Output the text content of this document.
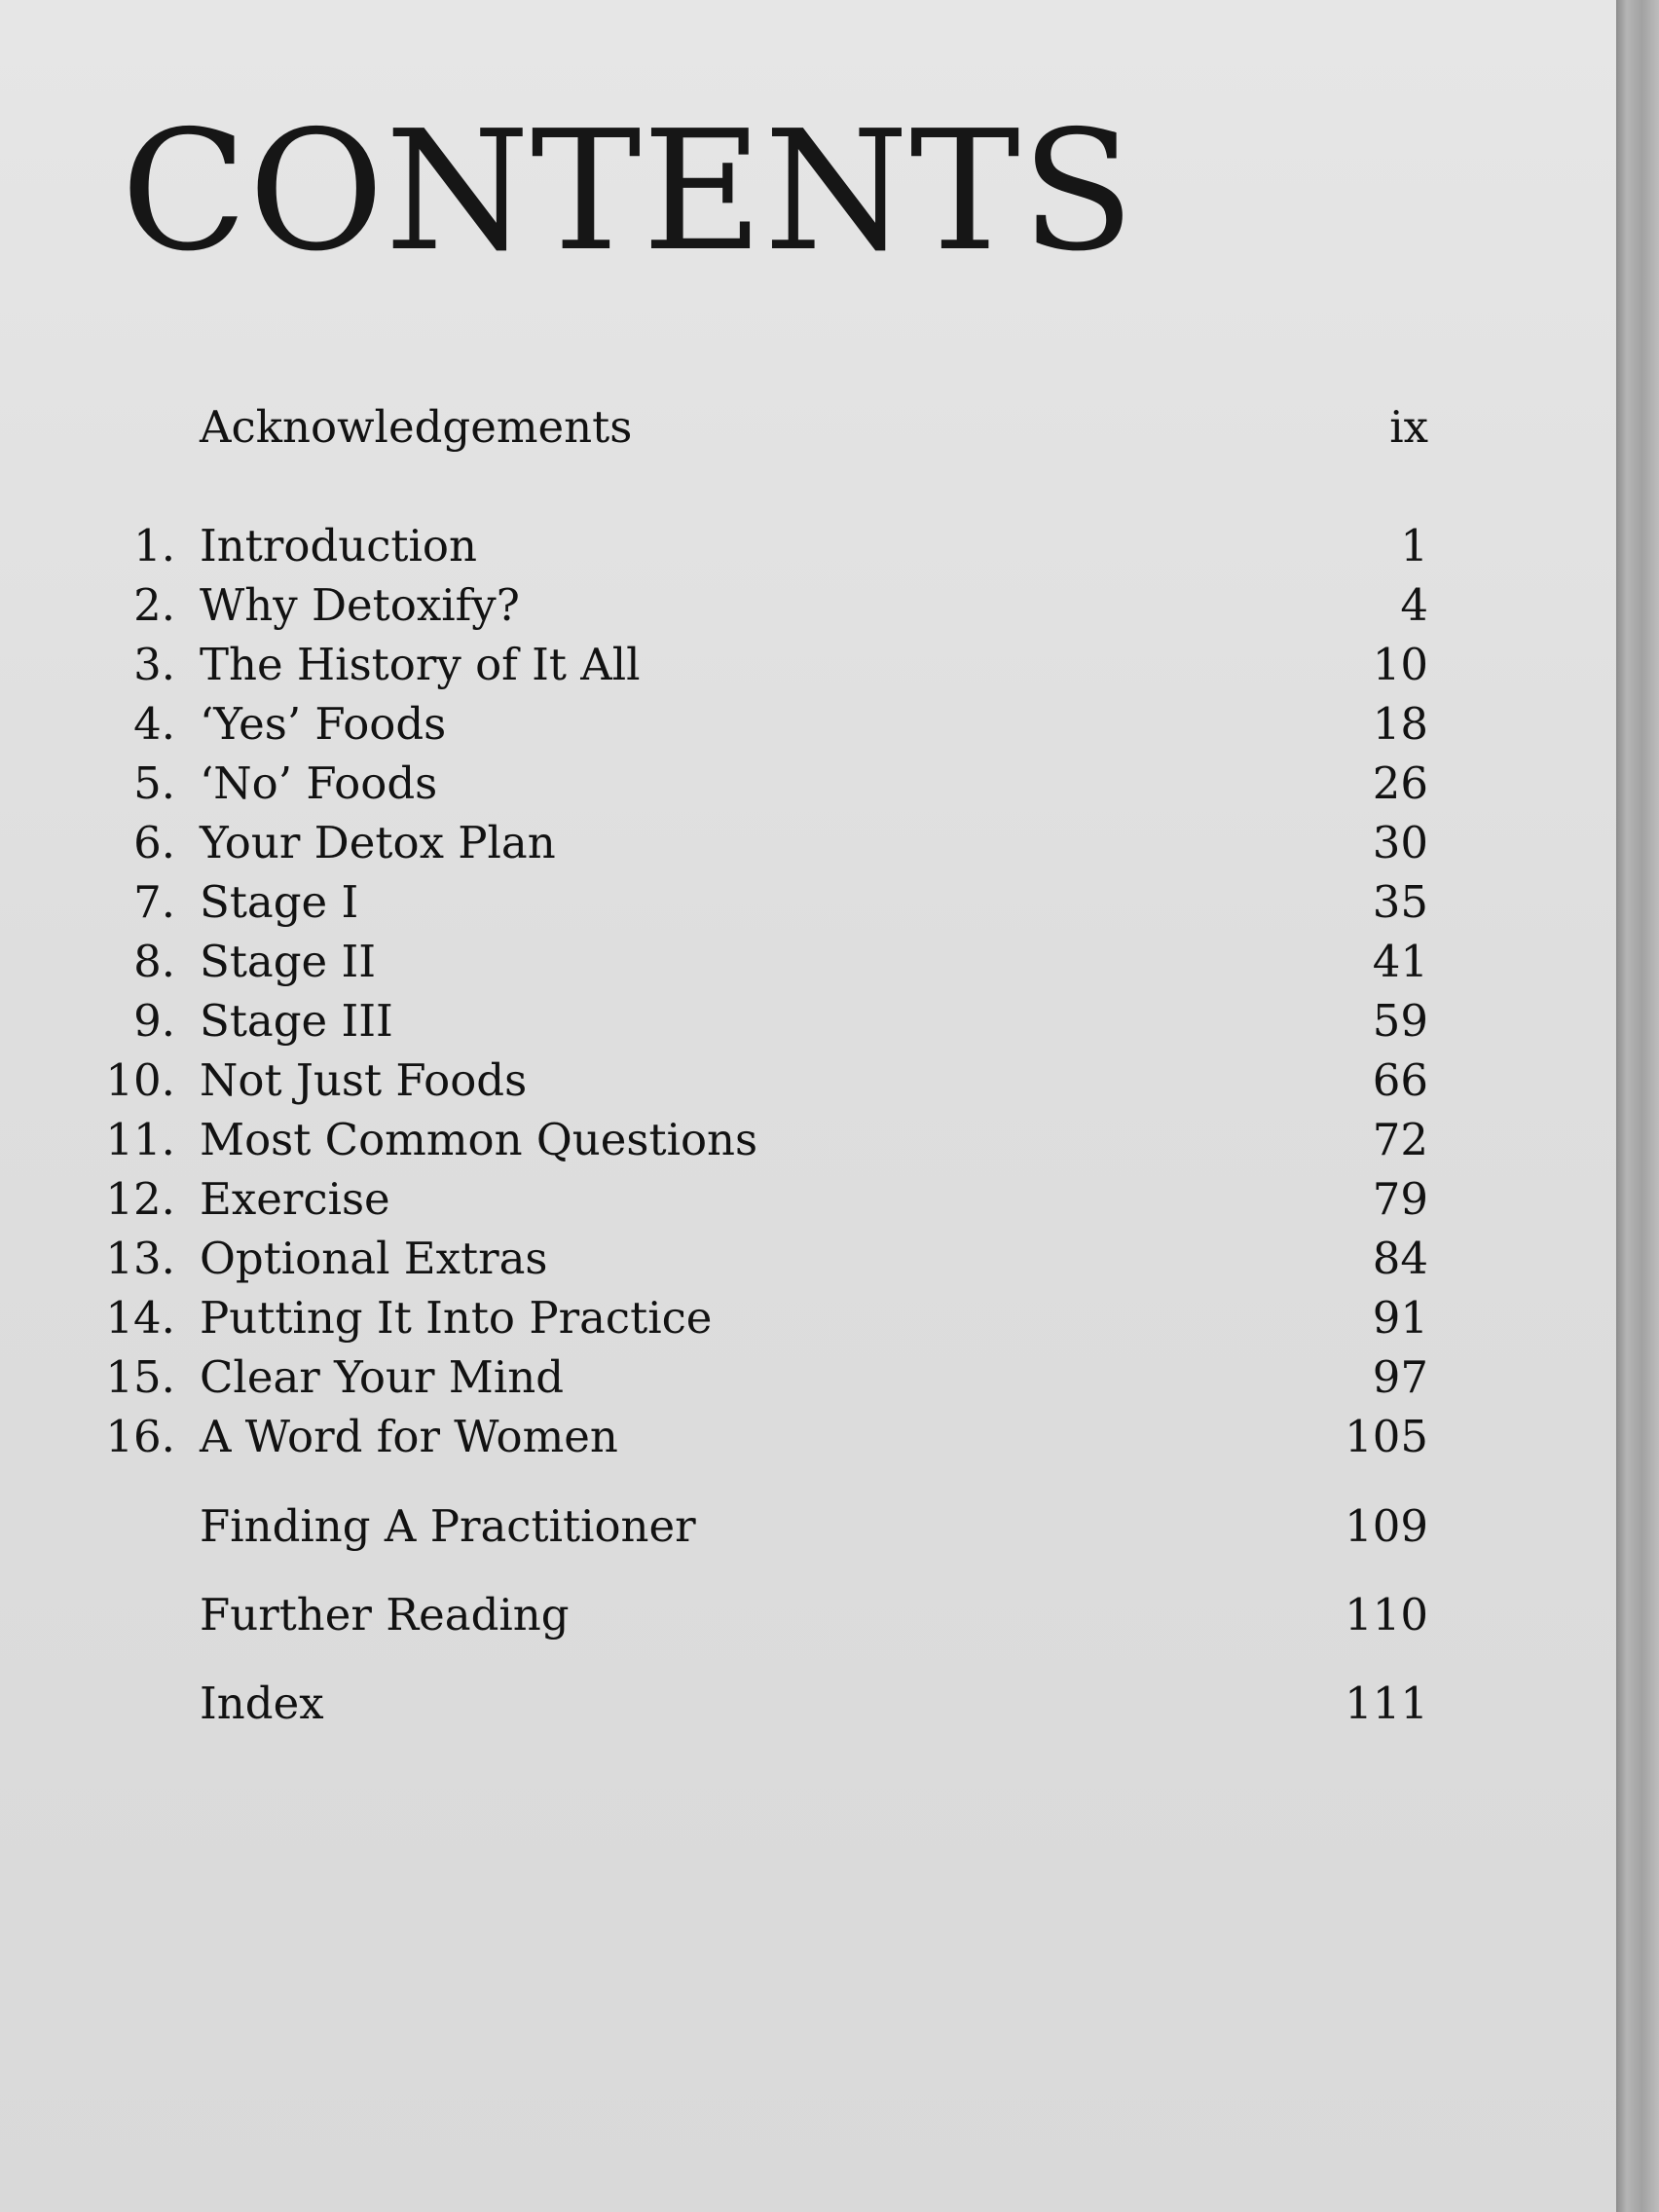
CONTENTS
Acknowledgements	ix
1. Introduction	1
2. Why Detoxify?	4
3. The History of It All	10
4. ‘Yes’ Foods	18
5. ‘No’ Foods	26
6. Your Detox Plan	30
7. Stage I	35
8. Stage II	41
9. Stage III	59
10. Not Just Foods	66
11. Most Common Questions	72
12. Exercise	79
13. Optional Extras	84
14. Putting It Into Practice	91
15. Clear Your Mind	97
16. A Word for Women	105
Finding A Practitioner	109
Further Reading	110
Index	111
